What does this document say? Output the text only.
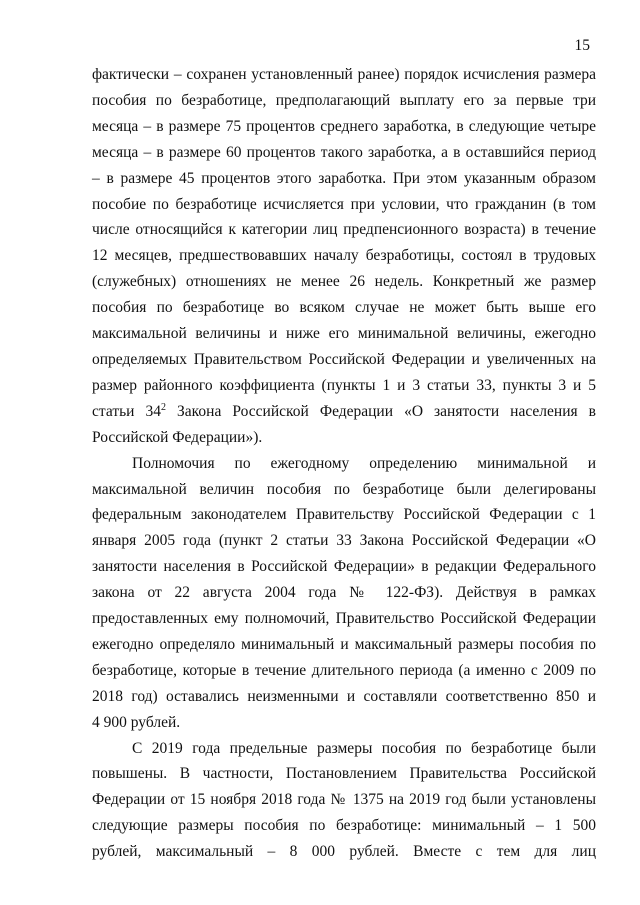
15

фактически – сохранен установленный ранее) порядок исчисления размера

пособия по безработице, предполагающий выплату его за первые три

месяца – в размере 75 процентов среднего заработка, в следующие четыре

месяца – в размере 60 процентов такого заработка, а в оставшийся период

– в размере 45 процентов этого заработка. При этом указанным образом

пособие по безработице исчисляется при условии, что гражданин (в том

числе относящийся к категории лиц предпенсионного возраста) в течение

12 месяцев, предшествовавших началу безработицы, состоял в трудовых

(служебных) отношениях не менее 26 недель. Конкретный же размер

пособия по безработице во всяком случае не может быть выше его

максимальной величины и ниже его минимальной величины, ежегодно

определяемых Правительством Российской Федерации и увеличенных на

размер районного коэффициента (пункты 1 и 3 статьи 33, пункты 3 и 5

статьи $34^2$ Закона Российской Федерации «О занятости населения в

Российской Федерации»).

Полномочия по ежегодному определению минимальной и

максимальной величин пособия по безработице были делегированы

федеральным законодателем Правительству Российской Федерации с 1

января 2005 года (пункт 2 статьи 33 Закона Российской Федерации «О

занятости населения в Российской Федерации» в редакции Федерального

закона от 22 августа 2004 года № 122-ФЗ). Действуя в рамках

предоставленных ему полномочий, Правительство Российской Федерации

ежегодно определяло минимальный и максимальный размеры пособия по

безработице, которые в течение длительного периода (а именно с 2009 по

2018 год) оставались неизменными и составляли соответственно 850 и

4 900 рублей.

С 2019 года предельные размеры пособия по безработице были

повышены. В частности, Постановлением Правительства Российской

Федерации от 15 ноября 2018 года № 1375 на 2019 год были установлены

следующие размеры пособия по безработице: минимальный – 1 500

рублей, максимальный – 8 000 рублей. Вместе с тем для лиц
